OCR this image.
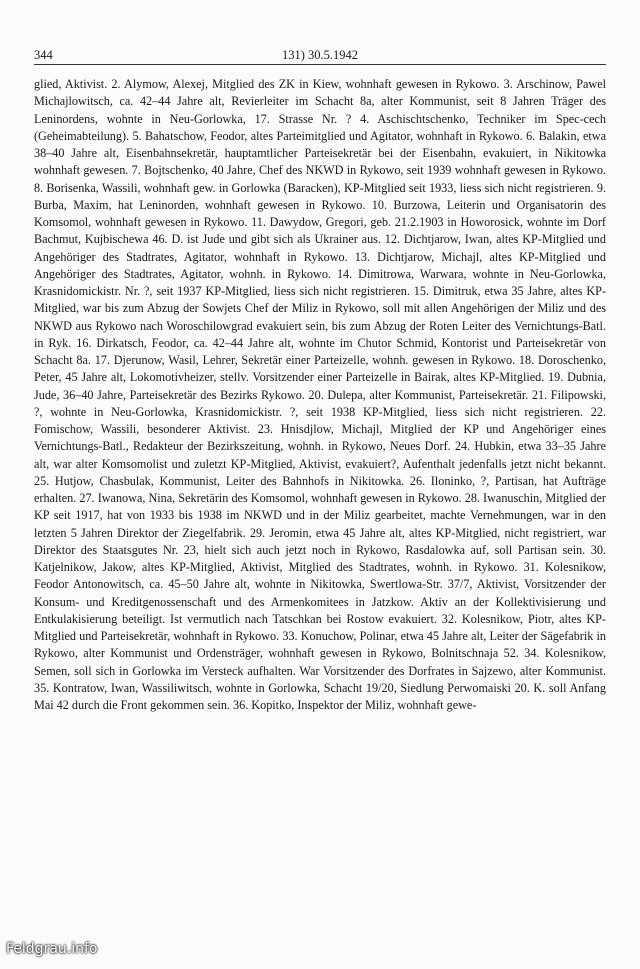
344	131) 30.5.1942

glied, Aktivist. 2. Alymow, Alexej, Mitglied des ZK in Kiew, wohnhaft gewesen in Rykowo. 3. Arschinow, Pawel Michajlowitsch, ca. 42–44 Jahre alt, Revierleiter im Schacht 8a, alter Kommunist, seit 8 Jahren Träger des Leninordens, wohnte in Neu-Gorlowka, 17. Strasse Nr. ? 4. Aschischtschenko, Techniker im Spec-cech (Geheimabteilung). 5. Bahatschow, Feodor, altes Parteimitglied und Agitator, wohnhaft in Rykowo. 6. Balakin, etwa 38–40 Jahre alt, Eisenbahnsekretär, hauptamtlicher Parteisekretär bei der Eisenbahn, evakuiert, in Nikitowka wohnhaft gewesen. 7. Bojtschenko, 40 Jahre, Chef des NKWD in Rykowo, seit 1939 wohnhaft gewesen in Rykowo. 8. Borisenka, Wassili, wohnhaft gew. in Gorlowka (Baracken), KP-Mitglied seit 1933, liess sich nicht registrieren. 9. Burba, Maxim, hat Leninorden, wohnhaft gewesen in Rykowo. 10. Burzowa, Leiterin und Organisatorin des Komsomol, wohnhaft gewesen in Rykowo. 11. Dawydow, Gregori, geb. 21.2.1903 in Howorosick, wohnte im Dorf Bachmut, Kujbischewa 46. D. ist Jude und gibt sich als Ukrainer aus. 12. Dichtjarow, Iwan, altes KP-Mitglied und Angehöriger des Stadtrates, Agitator, wohnhaft in Rykowo. 13. Dichtjarow, Michajl, altes KP-Mitglied und Angehöriger des Stadtrates, Agitator, wohnh. in Rykowo. 14. Dimitrowa, Warwara, wohnte in Neu-Gorlowka, Krasnidomickistr. Nr. ?, seit 1937 KP-Mitglied, liess sich nicht registrieren. 15. Dimitruk, etwa 35 Jahre, altes KP-Mitglied, war bis zum Abzug der Sowjets Chef der Miliz in Rykowo, soll mit allen Angehörigen der Miliz und des NKWD aus Rykowo nach Woroschilowgrad evakuiert sein, bis zum Abzug der Roten Leiter des Vernichtungs-Batl. in Ryk. 16. Dirkatsch, Feodor, ca. 42–44 Jahre alt, wohnte im Chutor Schmid, Kontorist und Parteisekretär von Schacht 8a. 17. Djerunow, Wasil, Lehrer, Sekretär einer Parteizelle, wohnh. gewesen in Rykowo. 18. Doroschenko, Peter, 45 Jahre alt, Lokomotivheizer, stellv. Vorsitzender einer Parteizelle in Bairak, altes KP-Mitglied. 19. Dubnia, Jude, 36–40 Jahre, Parteisekretär des Bezirks Rykowo. 20. Dulepa, alter Kommunist, Parteisekretär. 21. Filipowski, ?, wohnte in Neu-Gorlowka, Krasnidomickistr. ?, seit 1938 KP-Mitglied, liess sich nicht registrieren. 22. Fomischow, Wassili, besonderer Aktivist. 23. Hnisdjlow, Michajl, Mitglied der KP und Angehöriger eines Vernichtungs-Batl., Redakteur der Bezirkszeitung, wohnh. in Rykowo, Neues Dorf. 24. Hubkin, etwa 33–35 Jahre alt, war alter Komsomolist und zuletzt KP-Mitglied, Aktivist, evakuiert?, Aufenthalt jedenfalls jetzt nicht bekannt. 25. Hutjow, Chasbulak, Kommunist, Leiter des Bahnhofs in Nikitowka. 26. Iloninko, ?, Partisan, hat Aufträge erhalten. 27. Iwanowa, Nina, Sekretärin des Komsomol, wohnhaft gewesen in Rykowo. 28. Iwanuschin, Mitglied der KP seit 1917, hat von 1933 bis 1938 im NKWD und in der Miliz gearbeitet, machte Vernehmungen, war in den letzten 5 Jahren Direktor der Ziegelfabrik. 29. Jeromin, etwa 45 Jahre alt, altes KP-Mitglied, nicht registriert, war Direktor des Staatsgutes Nr. 23, hielt sich auch jetzt noch in Rykowo, Rasdalowka auf, soll Partisan sein. 30. Katjelnikow, Jakow, altes KP-Mitglied, Aktivist, Mitglied des Stadtrates, wohnh. in Rykowo. 31. Kolesnikow, Feodor Antonowitsch, ca. 45–50 Jahre alt, wohnte in Nikitowka, Swertlowa-Str. 37/7, Aktivist, Vorsitzender der Konsum- und Kreditgenossenschaft und des Armenkomitees in Jatzkow. Aktiv an der Kollektivisierung und Entkulakisierung beteiligt. Ist vermutlich nach Tatschkan bei Rostow evakuiert. 32. Kolesnikow, Piotr, altes KP-Mitglied und Parteisekretär, wohnhaft in Rykowo. 33. Konuchow, Polinar, etwa 45 Jahre alt, Leiter der Sägefabrik in Rykowo, alter Kommunist und Ordensträger, wohnhaft gewesen in Rykowo, Bolnitschnaja 52. 34. Kolesnikow, Semen, soll sich in Gorlowka im Versteck aufhalten. War Vorsitzender des Dorfrates in Sajzewo, alter Kommunist. 35. Kontratow, Iwan, Wassiliwitsch, wohnte in Gorlowka, Schacht 19/20, Siedlung Perwomaiski 20. K. soll Anfang Mai 42 durch die Front gekommen sein. 36. Kopitko, Inspektor der Miliz, wohnhaft gewe-

Feldgrau.info
